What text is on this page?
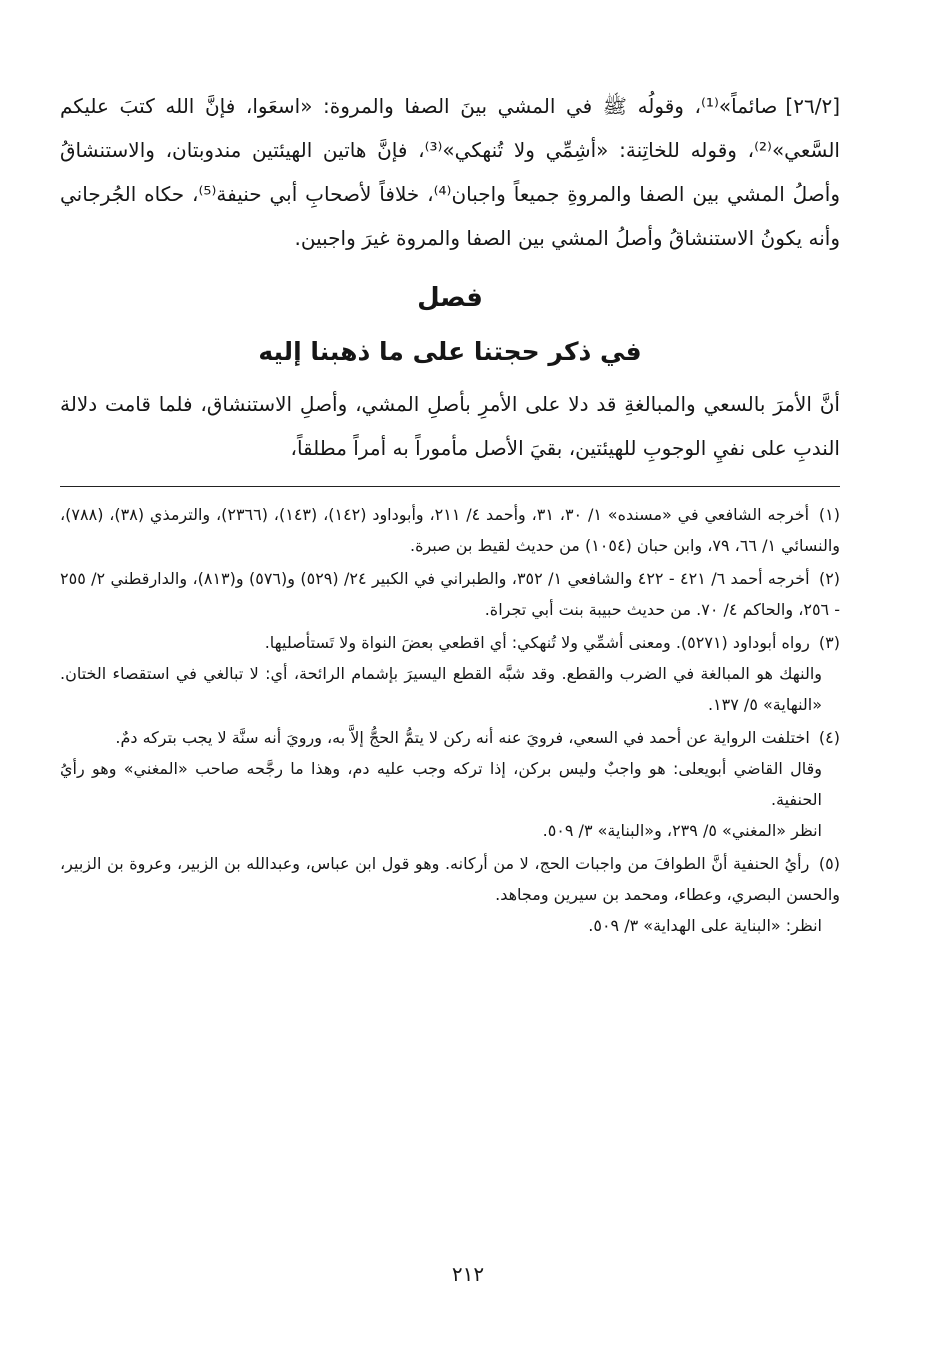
[٢٦/٢]صائماً»⁽¹⁾، وقولُه ﷺ في المشي بينَ الصفا والمروة: «اسعَوا، فإنَّ الله كتبَ عليكم السَّعي»⁽²⁾، وقوله للخاتِنة: «أشِمِّي ولا تُنهكي»⁽³⁾، فإنَّ هاتين الهيئتين مندوبتان، والاستنشاقُ وأصلُ المشي بين الصفا والمروةِ جميعاً واجبان⁽⁴⁾، خلافاً لأصحابِ أبي حنيفة⁽⁵⁾، حكاه الجُرجاني وأنه يكونُ الاستنشاقُ وأصلُ المشي بين الصفا والمروة غيرَ واجبين.

فصل
في ذكر حجتنا على ما ذهبنا إليه

أنَّ الأمرَ بالسعي والمبالغةِ قد دلا على الأمرِ بأصلِ المشي، وأصلِ الاستنشاق، فلما قامت دلالة الندبِ على نفيِ الوجوبِ للهيئتين، بقيَ الأصل مأموراً به أمراً مطلقاً،

(١) أخرجه الشافعي في «مسنده» ١/ ٣٠، ٣١، وأحمد ٤/ ٢١١، وأبوداود (١٤٢)، (١٤٣)، (٢٣٦٦)، والترمذي (٣٨)، (٧٨٨)، والنسائي ١/ ٦٦، ٧٩، وابن حبان (١٠٥٤) من حديث لقيط بن صبرة.

(٢) أخرجه أحمد ٦/ ٤٢١ - ٤٢٢ والشافعي ١/ ٣٥٢، والطبراني في الكبير ٢٤/ (٥٢٩) و(٥٧٦) و(٨١٣)، والدارقطني ٢/ ٢٥٥ - ٢٥٦، والحاكم ٤/ ٧٠. من حديث حبيبة بنت أبي تجراة.

(٣) رواه أبوداود (٥٢٧١). ومعنى أشمِّي ولا تُنهكي: أي اقطعي بعضَ النواة ولا تَستأصليها.

والنهك هو المبالغة في الضرب والقطع. وقد شبَّه القطع اليسيرَ بإشمام الرائحة، أي: لا تبالغي في استقصاء الختان. «النهاية» ٥/ ١٣٧.

(٤) اختلفت الرواية عن أحمد في السعي، فرويَ عنه أنه ركن لا يتمُّ الحجُّ إلاَّ به، ورويَ أنه سنَّة لا يجب بتركه دمٌ.

وقال القاضي أبويعلى: هو واجبٌ وليس بركن، إذا تركه وجب عليه دم، وهذا ما رجَّحه صاحب «المغني» وهو رأيُ الحنفية.

انظر «المغني» ٥/ ٢٣٩، و«البناية» ٣/ ٥٠٩.

(٥) رأيُ الحنفية أنَّ الطوافَ من واجبات الحج، لا من أركانه. وهو قول ابن عباس، وعبدالله بن الزبير، وعروة بن الزبير، والحسن البصري، وعطاء، ومحمد بن سيرين ومجاهد.

انظر: «البناية على الهداية» ٣/ ٥٠٩.

٢١٢
